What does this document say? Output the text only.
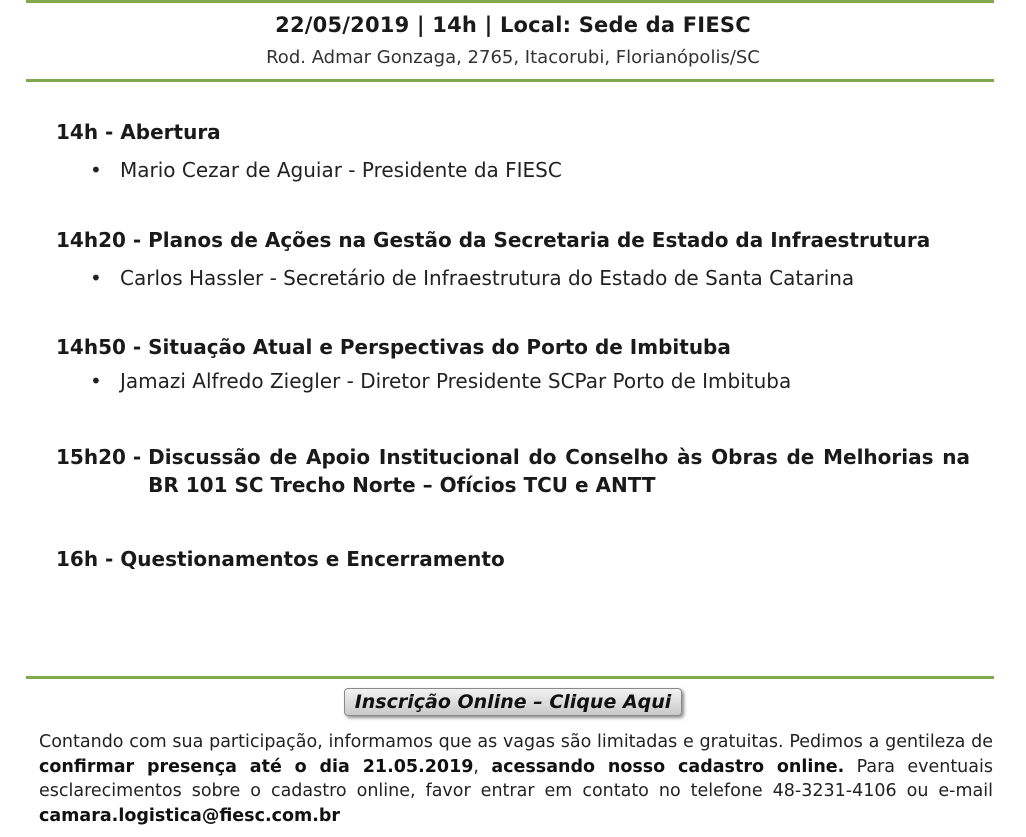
22/05/2019 | 14h | Local: Sede da FIESC
Rod. Admar Gonzaga, 2765, Itacorubi, Florianópolis/SC
14h - Abertura
• Mario Cezar de Aguiar - Presidente da FIESC
14h20 - Planos de Ações na Gestão da Secretaria de Estado da Infraestrutura
• Carlos Hassler - Secretário de Infraestrutura do Estado de Santa Catarina
14h50 - Situação Atual e Perspectivas do Porto de Imbituba
• Jamazi Alfredo Ziegler - Diretor Presidente SCPar Porto de Imbituba
15h20 - Discussão de Apoio Institucional do Conselho às Obras de Melhorias na BR 101 SC Trecho Norte – Ofícios TCU e ANTT
16h - Questionamentos e Encerramento
Inscrição Online – Clique Aqui
Contando com sua participação, informamos que as vagas são limitadas e gratuitas. Pedimos a gentileza de confirmar presença até o dia 21.05.2019, acessando nosso cadastro online. Para eventuais esclarecimentos sobre o cadastro online, favor entrar em contato no telefone 48-3231-4106 ou e-mail camara.logistica@fiesc.com.br
